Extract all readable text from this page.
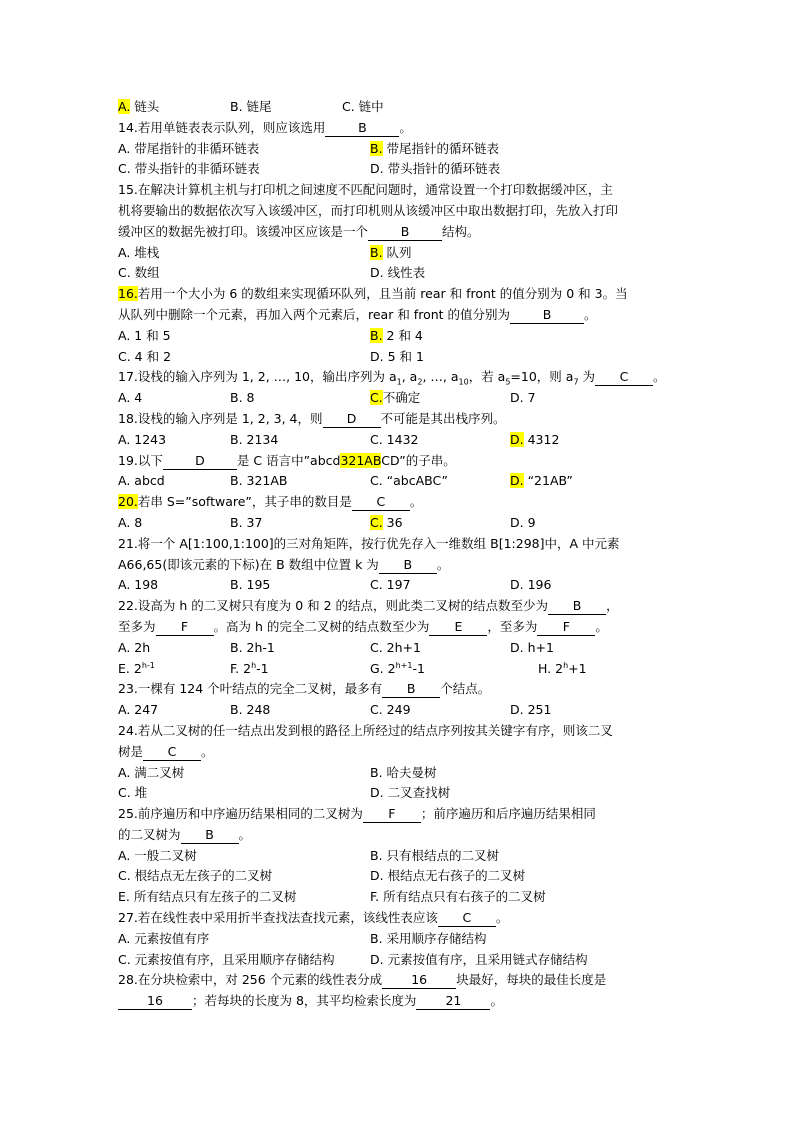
A. 链头	B. 链尾	C. 链中
14.若用单链表表示队列，则应该选用	B	。
A. 带尾指针的非循环链表	B. 带尾指针的循环链表
C. 带头指针的非循环链表	D. 带头指针的循环链表
15.在解决计算机主机与打印机之间速度不匹配问题时，通常设置一个打印数据缓冲区，主
机将要输出的数据依次写入该缓冲区，而打印机则从该缓冲区中取出数据打印，先放入打印
缓冲区的数据先被打印。该缓冲区应该是一个	B	结构。
A. 堆栈	B. 队列
C. 数组	D. 线性表
16.若用一个大小为 6 的数组来实现循环队列，且当前 rear 和 front 的值分别为 0 和 3。当
从队列中删除一个元素，再加入两个元素后，rear 和 front 的值分别为	B	。
A. 1 和 5	B. 2 和 4
C. 4 和 2	D. 5 和 1
17.设栈的输入序列为 1, 2, …, 10，输出序列为 $a_1$, $a_2$, …, $a_{10}$，若 $a_5=10$，则 $a_7$ 为 C 。
A. 4	B. 8	C.不确定	D. 7
18.设栈的输入序列是 1, 2, 3, 4，则 D 不可能是其出栈序列。
A. 1243	B. 2134	C. 1432	D. 4312
19.以下	D	是 C 语言中”abcd321ABCD”的子串。
A. abcd	B. 321AB	C. “abcABC”	D. “21AB”
20.若串 S=”software”，其子串的数目是 C 。
A. 8	B. 37	C. 36	D. 9
21.将一个 A[1:100,1:100]的三对角矩阵，按行优先存入一维数组 B[1:298]中，A 中元素
A66,65(即该元素的下标)在 B 数组中位置 k 为 B 。
A. 198	B. 195	C. 197	D. 196
22.设高为 h 的二叉树只有度为 0 和 2 的结点，则此类二叉树的结点数至少为 B ，
至多为 F 。高为 h 的完全二叉树的结点数至少为 E ，至多为 F 。
A. 2h	B. 2h-1	C. 2h+1	D. h+1
E. 2$^{h-1}$	F. 2$^h$-1	G. $2^{h+1}-1$	H. $2^h+1$
23.一棵有 124 个叶结点的完全二叉树，最多有 B 个结点。
A. 247	B. 248	C. 249	D. 251
24.若从二叉树的任一结点出发到根的路径上所经过的结点序列按其关键字有序，则该二叉
树是 C 。
A. 满二叉树	B. 哈夫曼树
C. 堆	D. 二叉查找树
25.前序遍历和中序遍历结果相同的二叉树为 F ；前序遍历和后序遍历结果相同
的二叉树为 B 。
A. 一般二叉树	B. 只有根结点的二叉树
C. 根结点无左孩子的二叉树	D. 根结点无右孩子的二叉树
E. 所有结点只有左孩子的二叉树	F. 所有结点只有右孩子的二叉树
27.若在线性表中采用折半查找法查找元素，该线性表应该 C 。
A. 元素按值有序	B. 采用顺序存储结构
C. 元素按值有序，且采用顺序存储结构	D. 元素按值有序，且采用链式存储结构
28.在分块检索中，对 256 个元素的线性表分成 16 块最好，每块的最佳长度是
16 ；若每块的长度为 8，其平均检索长度为 21 。
